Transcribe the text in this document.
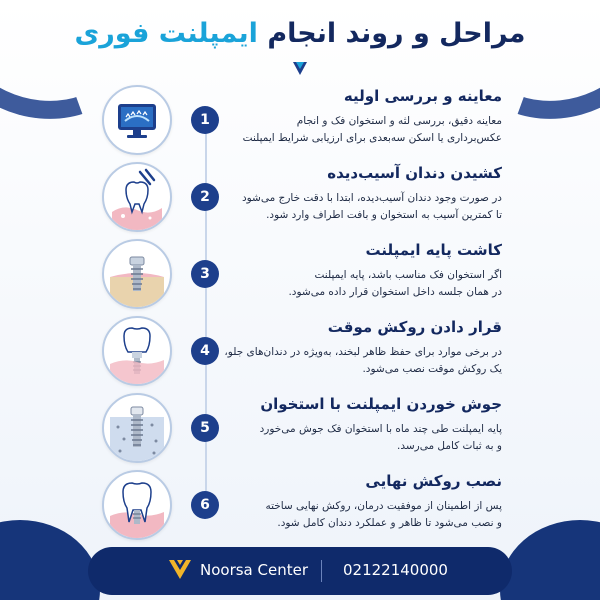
مراحل و روند انجام ایمپلنت فوری
1
معاینه و بررسی اولیه
معاینه دقیق، بررسی لثه و استخوان فک و انجام
عکس‌برداری یا اسکن سه‌بعدی برای ارزیابی شرایط ایمپلنت
2
کشیدن دندان آسیب‌دیده
در صورت وجود دندان آسیب‌دیده، ابتدا با دقت خارج می‌شود
تا کمترین آسیب به استخوان و بافت اطراف وارد شود.
3
کاشت پایه ایمپلنت
اگر استخوان فک مناسب باشد، پایه ایمپلنت
در همان جلسه داخل استخوان قرار داده می‌شود.
4
قرار دادن روکش موقت
در برخی موارد برای حفظ ظاهر لبخند، به‌ویژه در دندان‌های جلو،
یک روکش موقت نصب می‌شود.
5
جوش خوردن ایمپلنت با استخوان
پایه ایمپلنت طی چند ماه با استخوان فک جوش می‌خورد
و به ثبات کامل می‌رسد.
6
نصب روکش نهایی
پس از اطمینان از موفقیت درمان، روکش نهایی ساخته
و نصب می‌شود تا ظاهر و عملکرد دندان کامل شود.
Noorsa Center 02122140000
